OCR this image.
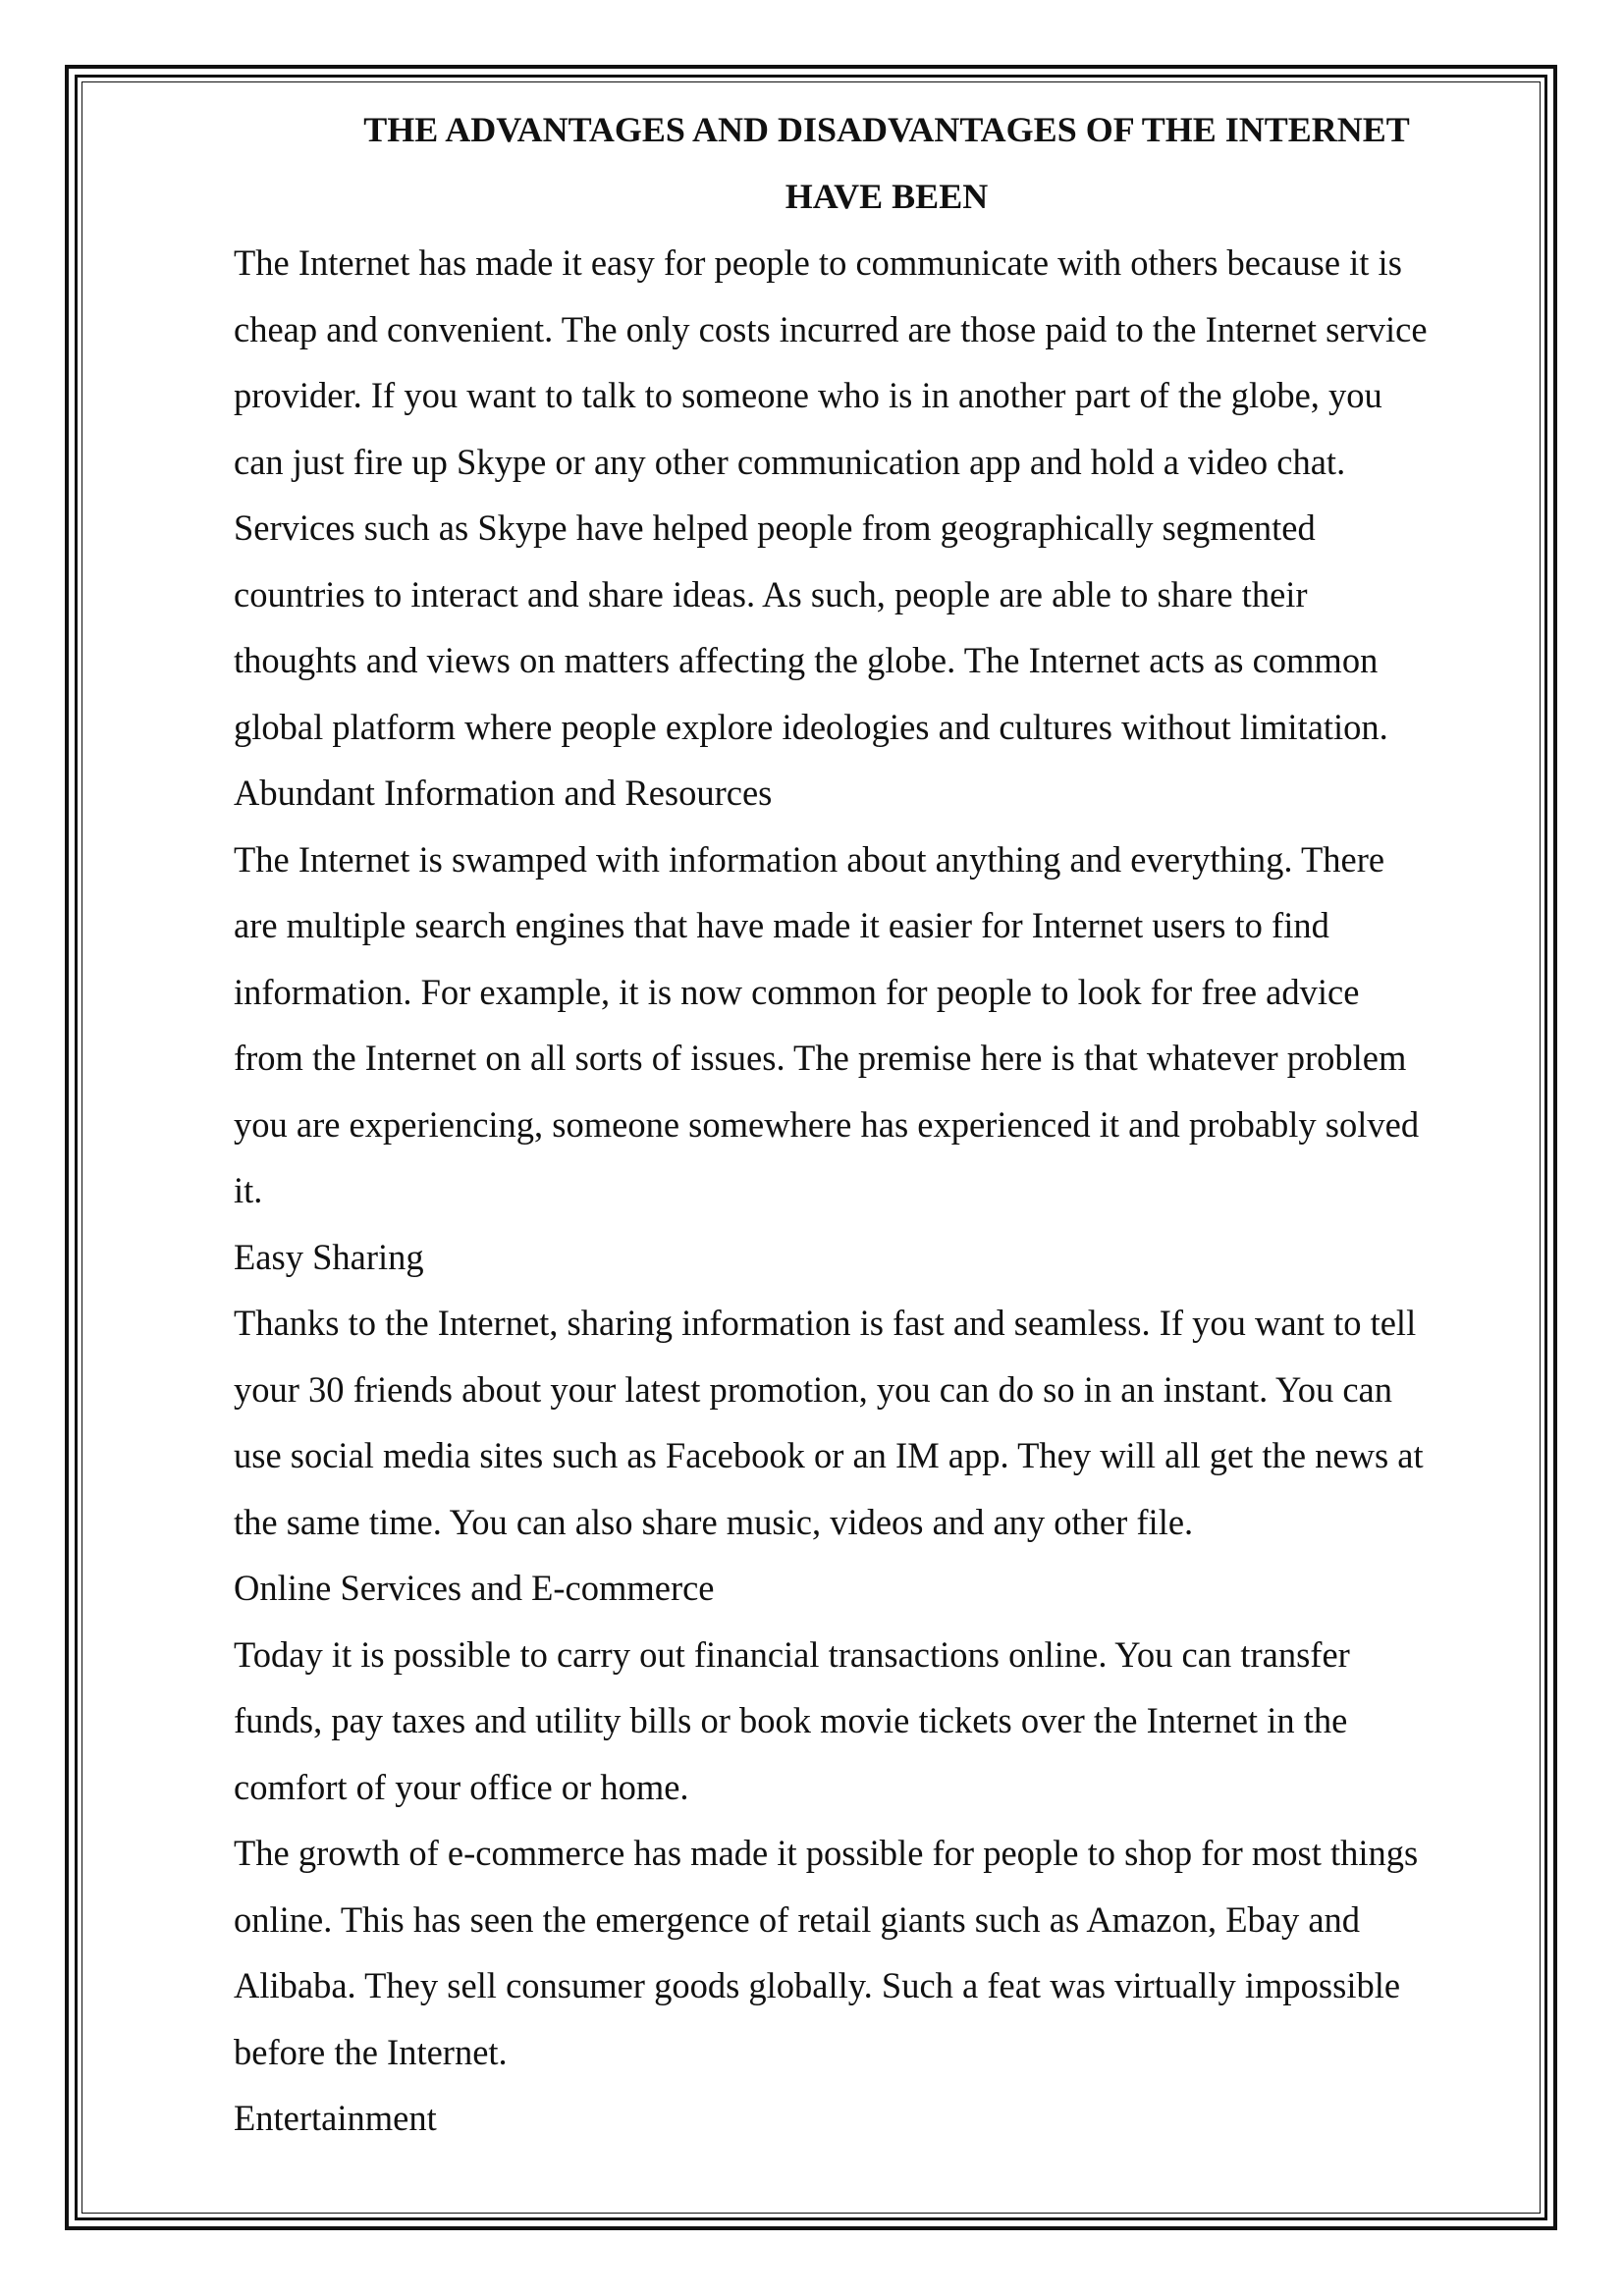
THE ADVANTAGES AND DISADVANTAGES OF THE INTERNET

HAVE BEEN

The Internet has made it easy for people to communicate with others because it is

cheap and convenient. The only costs incurred are those paid to the Internet service

provider. If you want to talk to someone who is in another part of the globe, you

can just fire up Skype or any other communication app and hold a video chat.

Services such as Skype have helped people from geographically segmented

countries to interact and share ideas. As such, people are able to share their

thoughts and views on matters affecting the globe. The Internet acts as common

global platform where people explore ideologies and cultures without limitation.

Abundant Information and Resources

The Internet is swamped with information about anything and everything. There

are multiple search engines that have made it easier for Internet users to find

information. For example, it is now common for people to look for free advice

from the Internet on all sorts of issues. The premise here is that whatever problem

you are experiencing, someone somewhere has experienced it and probably solved

it.

Easy Sharing

Thanks to the Internet, sharing information is fast and seamless. If you want to tell

your 30 friends about your latest promotion, you can do so in an instant. You can

use social media sites such as Facebook or an IM app. They will all get the news at

the same time. You can also share music, videos and any other file.

Online Services and E-commerce

Today it is possible to carry out financial transactions online. You can transfer

funds, pay taxes and utility bills or book movie tickets over the Internet in the

comfort of your office or home.

The growth of e-commerce has made it possible for people to shop for most things

online. This has seen the emergence of retail giants such as Amazon, Ebay and

Alibaba. They sell consumer goods globally. Such a feat was virtually impossible

before the Internet.

Entertainment
